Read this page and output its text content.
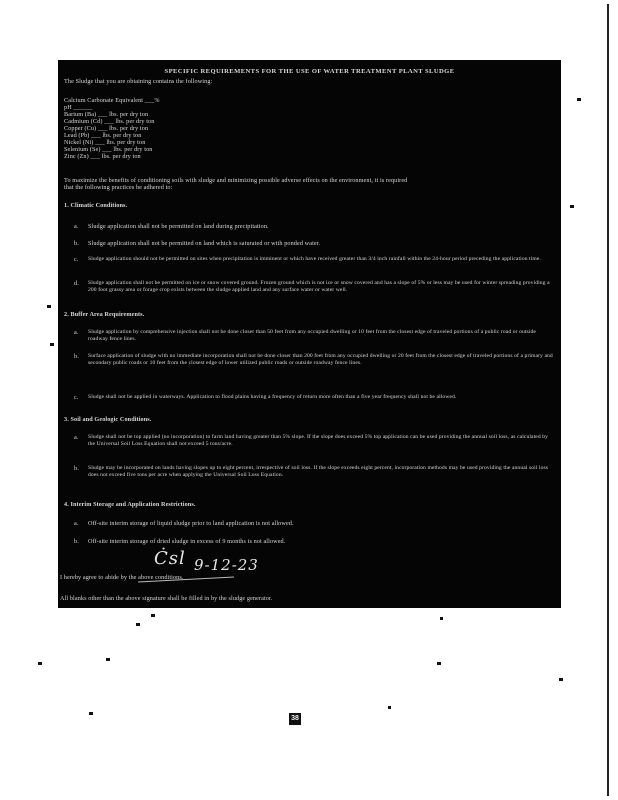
SPECIFIC REQUIREMENTS FOR THE USE OF WATER TREATMENT PLANT SLUDGE
The Sludge that you are obtaining contains the following:
Calcium Carbonate Equivalent ___%
pH ______
Barium (Ba) ___ lbs. per dry ton
Cadmium (Cd) ___ lbs. per dry ton
Copper (Cu) ___ lbs. per dry ton
Lead (Pb) ___ lbs. per dry ton
Nickel (Ni) ___ lbs. per dry ton
Selenium (Se) ___ lbs. per dry ton
Zinc (Zn) ___ lbs. per dry ton
To maximize the benefits of conditioning soils with sludge and minimizing possible adverse effects on the environment, it is required
that the following practices be adhered to:
1. Climatic Conditions.
a. Sludge application shall not be permitted on land during precipitation.
b. Sludge application shall not be permitted on land which is saturated or with ponded water.
c. Sludge application should not be permitted on sites when precipitation is imminent or which have received greater than 3/4 inch rainfall within the 24-hour period preceding the application time.
d. Sludge application shall not be permitted on ice or snow covered ground. Frozen ground which is not ice or snow covered and has a slope of 5% or less may be used for winter spreading providing a 200 foot grassy area or forage crop exists between the sludge applied land and any surface water or water well.
2. Buffer Area Requirements.
a. Sludge application by comprehensive injection shall not be done closer than 50 feet from any occupied dwelling or 10 feet from the closest edge of traveled portions of a public road or outside roadway fence lines.
b. Surface application of sludge with no immediate incorporation shall not be done closer than 200 feet from any occupied dwelling or 20 feet from the closest edge of traveled portions of a primary and secondary public roads or 10 feet from the closest edge of lower utilized public roads or outside roadway fence lines.
c. Sludge shall not be applied in waterways. Application to flood plains having a frequency of return more often than a five year frequency shall not be allowed.
3. Soil and Geologic Conditions.
a. Sludge shall not be top applied (no incorporation) to farm land having greater than 5% slope. If the slope does exceed 5% top application can be used providing the annual soil loss, as calculated by the Universal Soil Loss Equation shall not exceed 5 tons/acre.
b. Sludge may be incorporated on lands having slopes up to eight percent, irrespective of soil loss. If the slope exceeds eight percent, incorporation methods may be used providing the annual soil loss does not exceed five tons per acre when applying the Universal Soil Loss Equation.
4. Interim Storage and Application Restrictions.
a. Off-site interim storage of liquid sludge prior to land application is not allowed.
b. Off-site interim storage of dried sludge in excess of 9 months is not allowed.
Ċsl 9-12-23
I hereby agree to abide by the above conditions.
All blanks other than the above signature shall be filled in by the sludge generator.
38
